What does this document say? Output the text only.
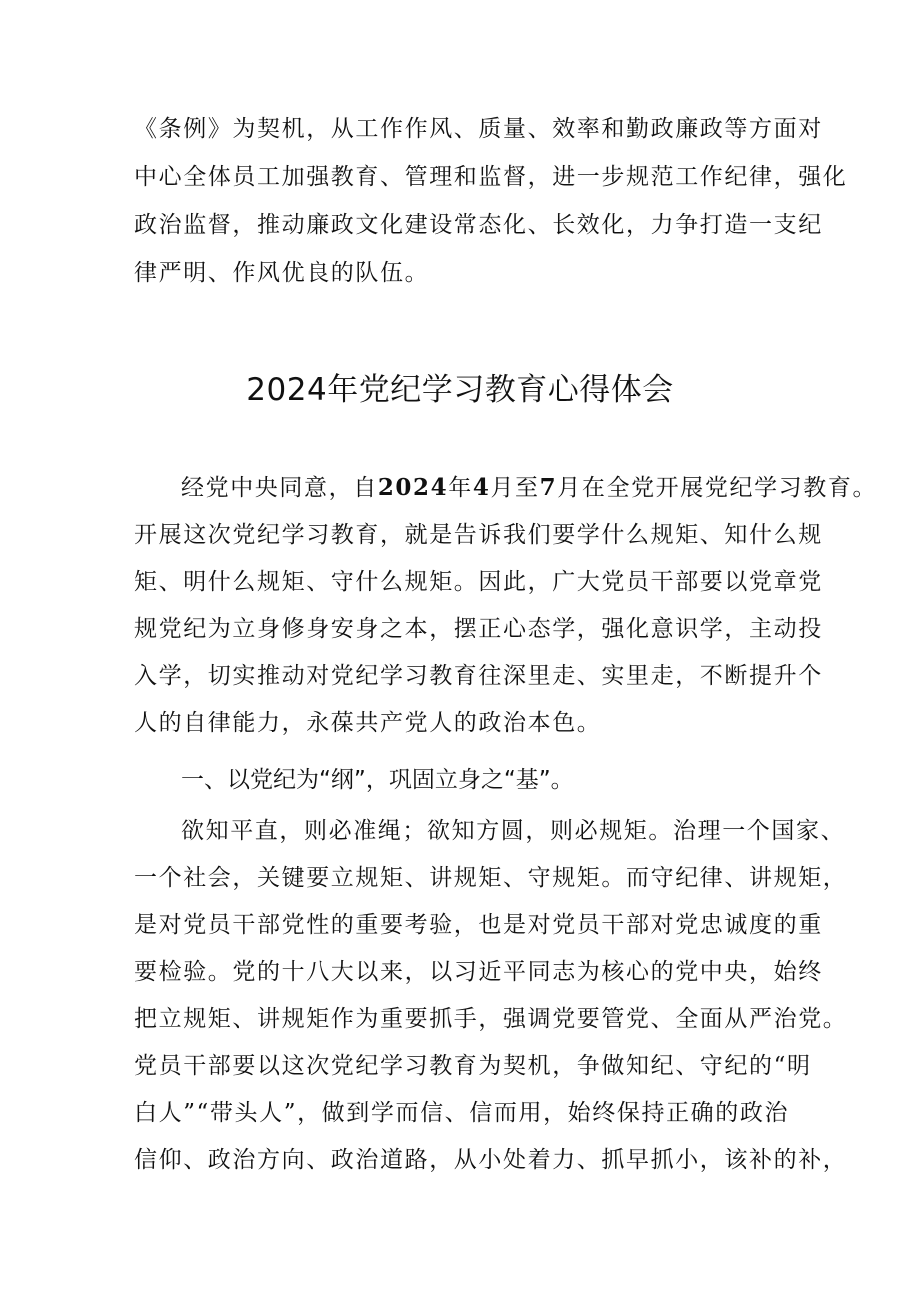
《条例》为契机，从工作作风、质量、效率和勤政廉政等方面对
中心全体员工加强教育、管理和监督，进一步规范工作纪律，强化
政治监督，推动廉政文化建设常态化、长效化，力争打造一支纪
律严明、作风优良的队伍。
2024年党纪学习教育心得体会
经党中央同意，自2024年4月至7月在全党开展党纪学习教育。
开展这次党纪学习教育，就是告诉我们要学什么规矩、知什么规
矩、明什么规矩、守什么规矩。因此，广大党员干部要以党章党
规党纪为立身修身安身之本，摆正心态学，强化意识学，主动投
入学，切实推动对党纪学习教育往深里走、实里走，不断提升个
人的自律能力，永葆共产党人的政治本色。
一、以党纪为“纲”，巩固立身之“基”。
欲知平直，则必准绳；欲知方圆，则必规矩。治理一个国家、
一个社会，关键要立规矩、讲规矩、守规矩。而守纪律、讲规矩，
是对党员干部党性的重要考验，也是对党员干部对党忠诚度的重
要检验。党的十八大以来，以习近平同志为核心的党中央，始终
把立规矩、讲规矩作为重要抓手，强调党要管党、全面从严治党。
党员干部要以这次党纪学习教育为契机，争做知纪、守纪的“明
白人”“带头人”，做到学而信、信而用，始终保持正确的政治
信仰、政治方向、政治道路，从小处着力、抓早抓小，该补的补，
